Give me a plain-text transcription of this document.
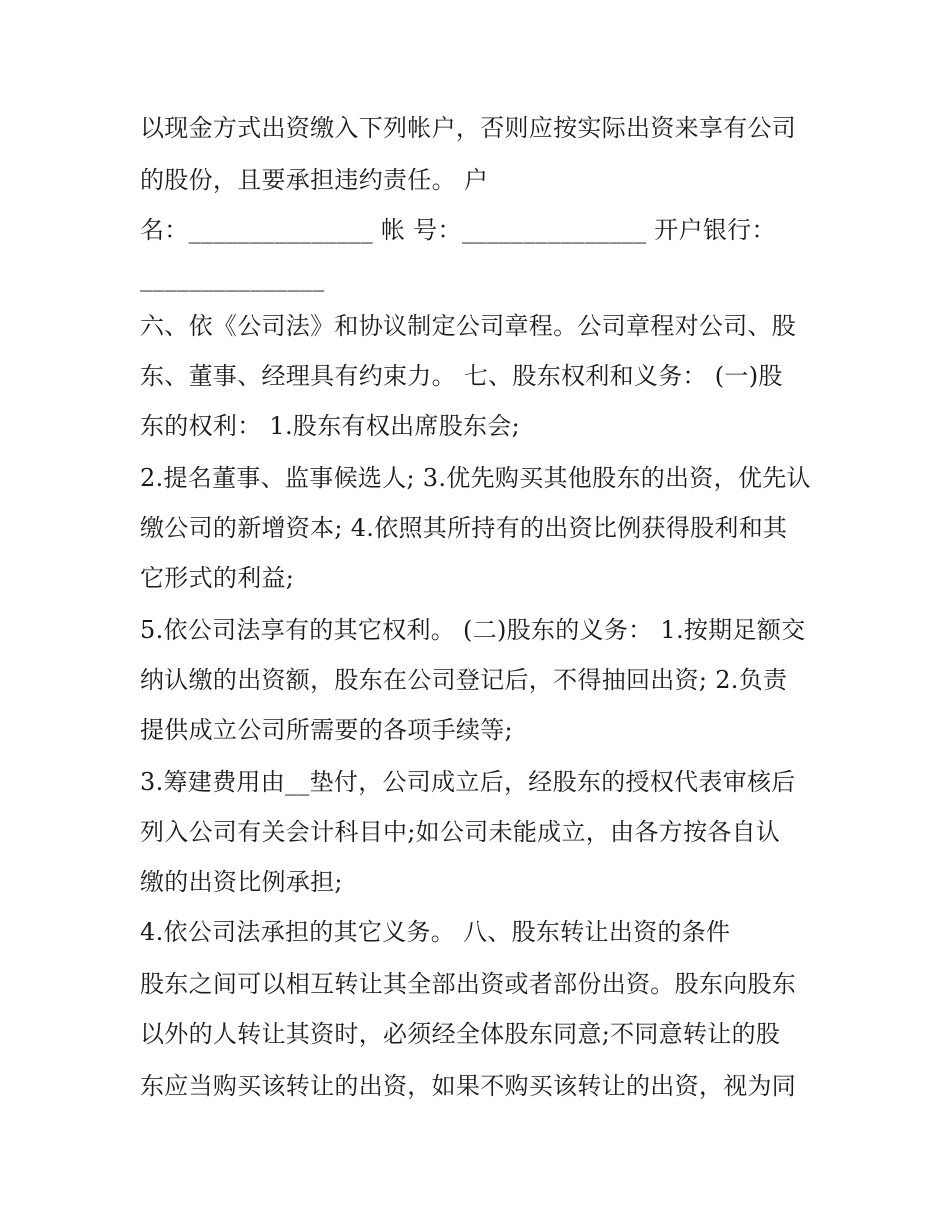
以现金方式出资缴入下列帐户，否则应按实际出资来享有公司
的股份，且要承担违约责任。 户
名：_______________ 帐 号：_______________ 开户银行：
_______________
六、依《公司法》和协议制定公司章程。公司章程对公司、股
东、董事、经理具有约束力。 七、股东权利和义务： (一)股
东的权利： 1.股东有权出席股东会;
2.提名董事、监事候选人; 3.优先购买其他股东的出资，优先认
缴公司的新增资本; 4.依照其所持有的出资比例获得股利和其
它形式的利益;
5.依公司法享有的其它权利。 (二)股东的义务： 1.按期足额交
纳认缴的出资额，股东在公司登记后，不得抽回出资; 2.负责
提供成立公司所需要的各项手续等;
3.筹建费用由__垫付，公司成立后，经股东的授权代表审核后
列入公司有关会计科目中;如公司未能成立，由各方按各自认
缴的出资比例承担;
4.依公司法承担的其它义务。 八、股东转让出资的条件
股东之间可以相互转让其全部出资或者部份出资。股东向股东
以外的人转让其资时，必须经全体股东同意;不同意转让的股
东应当购买该转让的出资，如果不购买该转让的出资，视为同
